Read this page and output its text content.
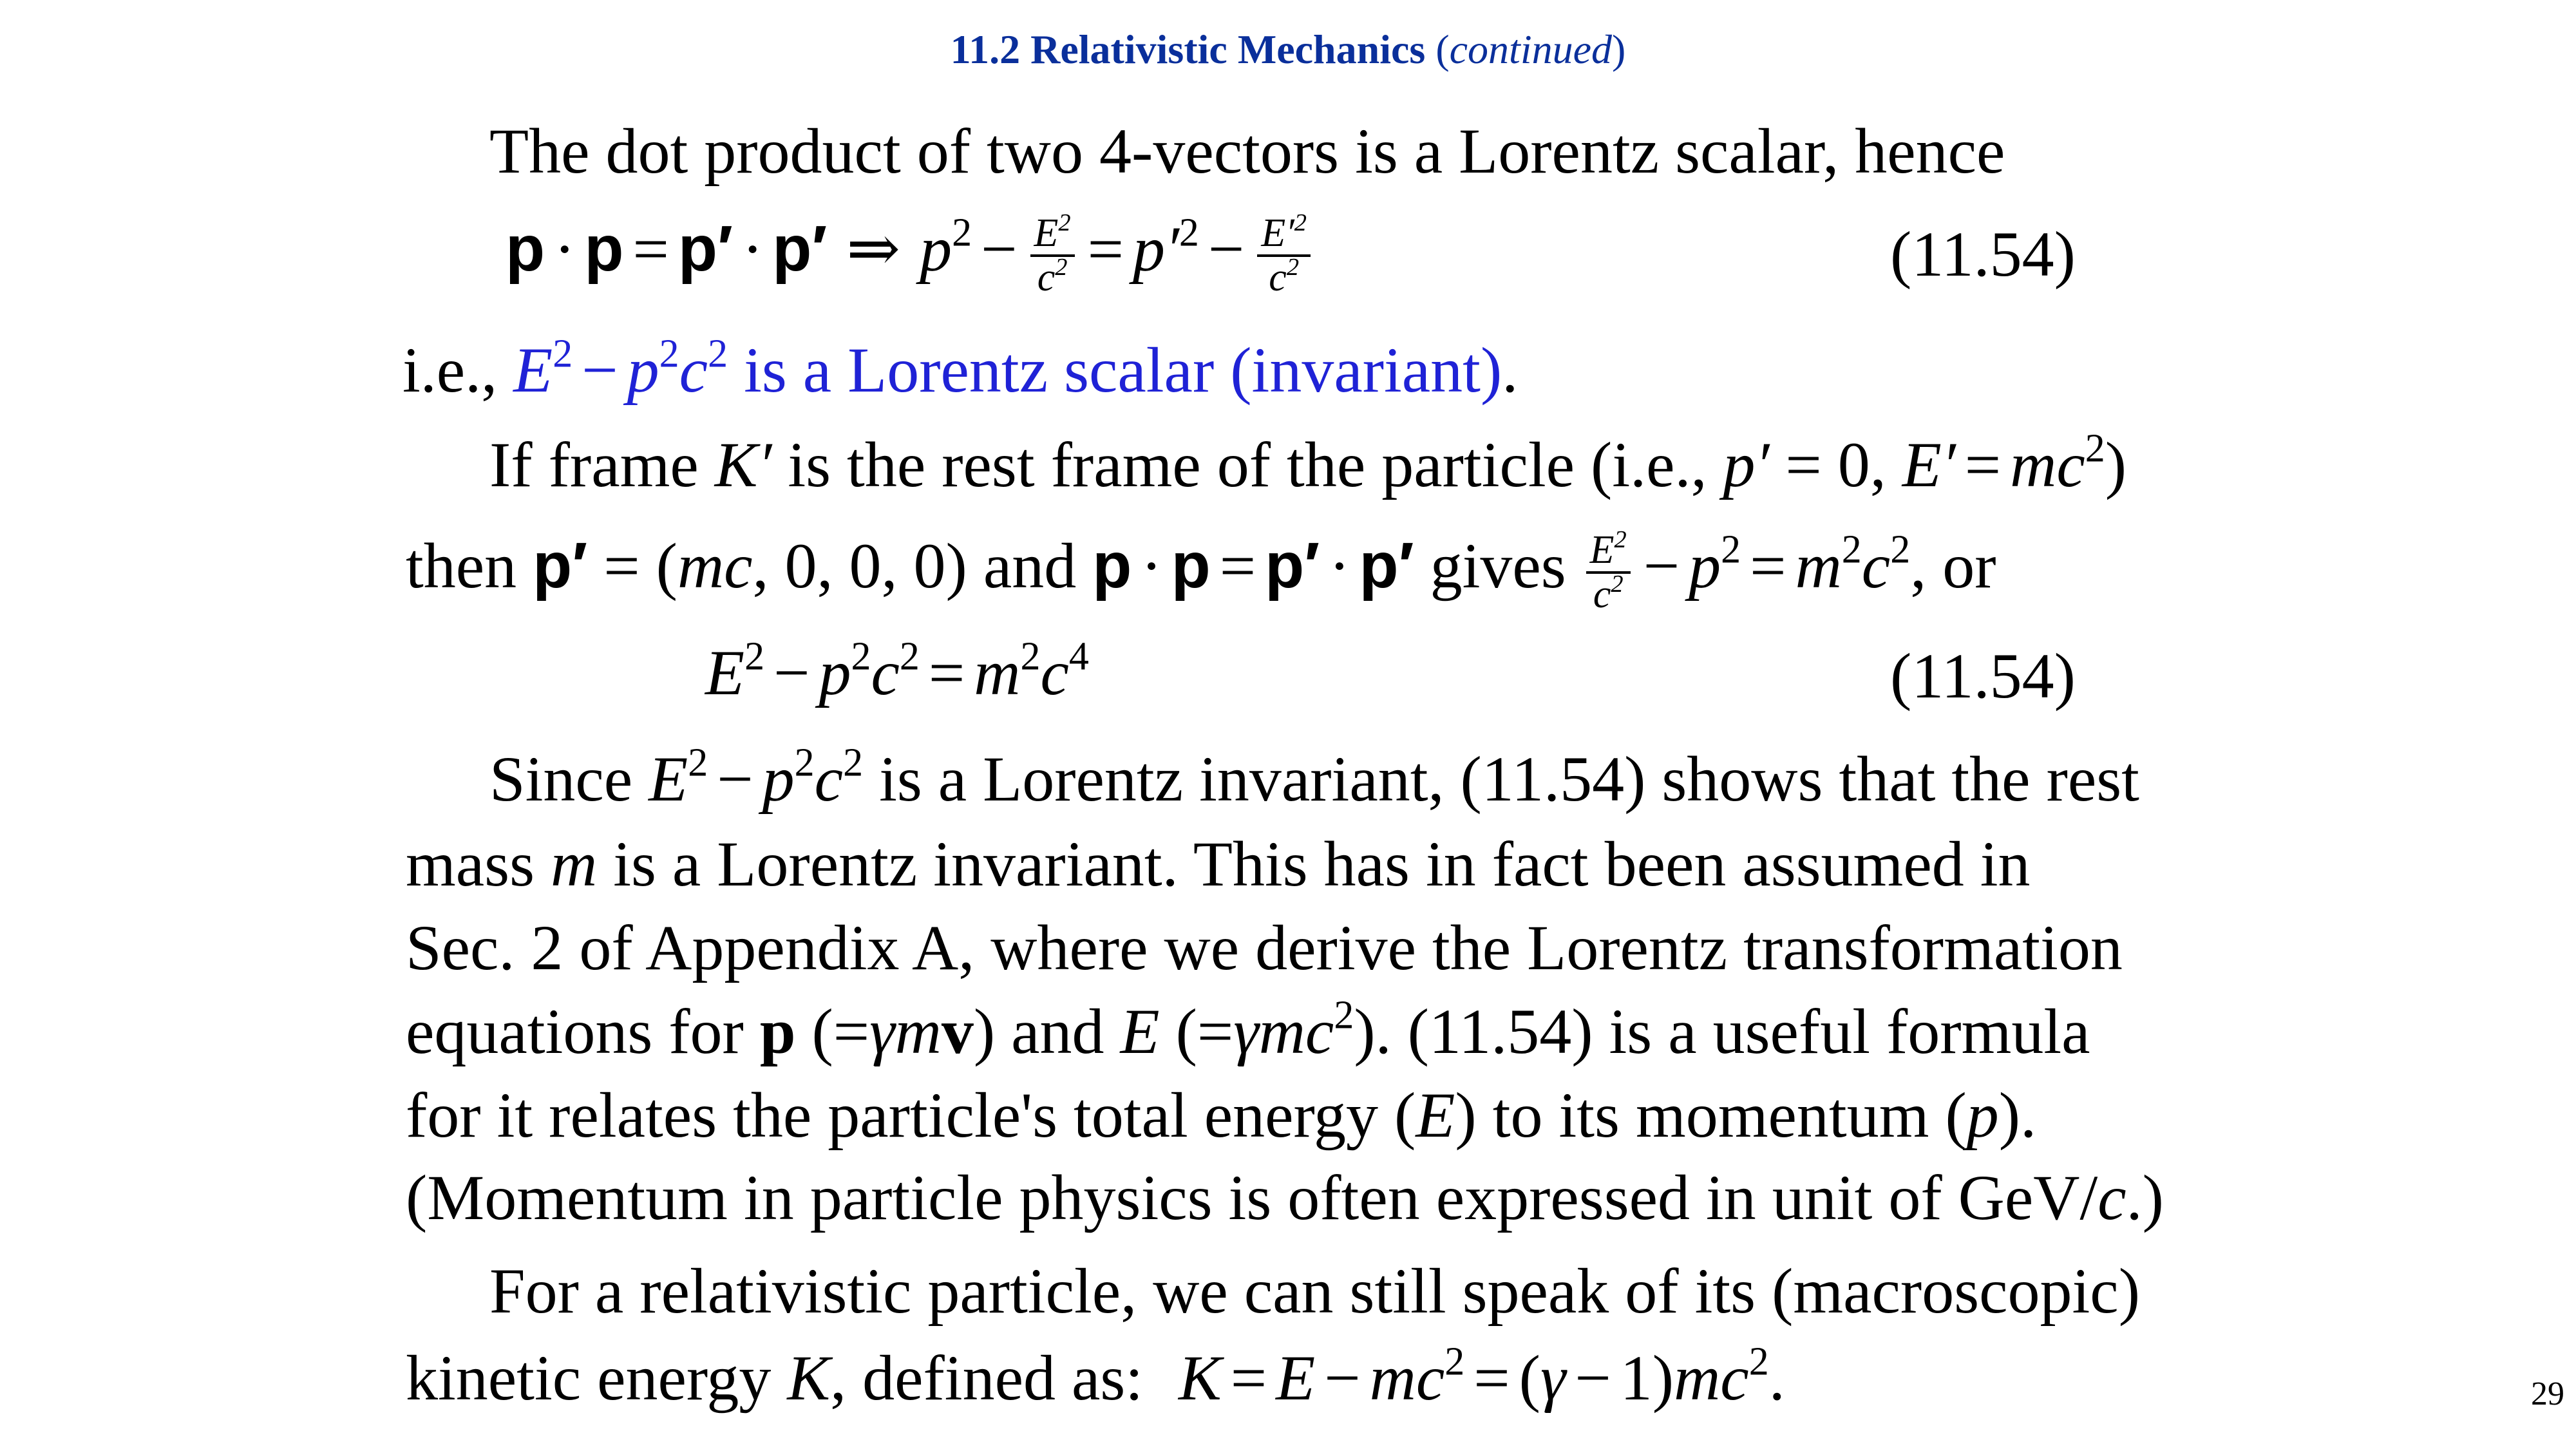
11.2 Relativistic Mechanics (continued)
The dot product of two 4-vectors is a Lorentz scalar, hence
p · p = p′ · p′ ⇒ $p^2 - \frac{E^2}{c^2} = p'^2 - \frac{E'^2}{c^2}$	(11.54)
i.e., $E^2 - p^2c^2$ is a Lorentz scalar (invariant).
If frame K′ is the rest frame of the particle (i.e., p′ = 0, $E' = mc^2$)
then p′ = (mc, 0, 0, 0) and p · p = p′ · p′ gives $\frac{E^2}{c^2} - p^2 = m^2c^2$, or
$E^2 - p^2c^2 = m^2c^4$	(11.54)
Since $E^2 - p^2c^2$ is a Lorentz invariant, (11.54) shows that the rest
mass m is a Lorentz invariant. This has in fact been assumed in
Sec. 2 of Appendix A, where we derive the Lorentz transformation
equations for p (=γmv) and E (=γmc$^2$). (11.54) is a useful formula
for it relates the particle's total energy (E) to its momentum (p).
(Momentum in particle physics is often expressed in unit of GeV/c.)
For a relativistic particle, we can still speak of its (macroscopic)
kinetic energy K, defined as: $K = E - mc^2 = (\gamma - 1)mc^2$.	29
